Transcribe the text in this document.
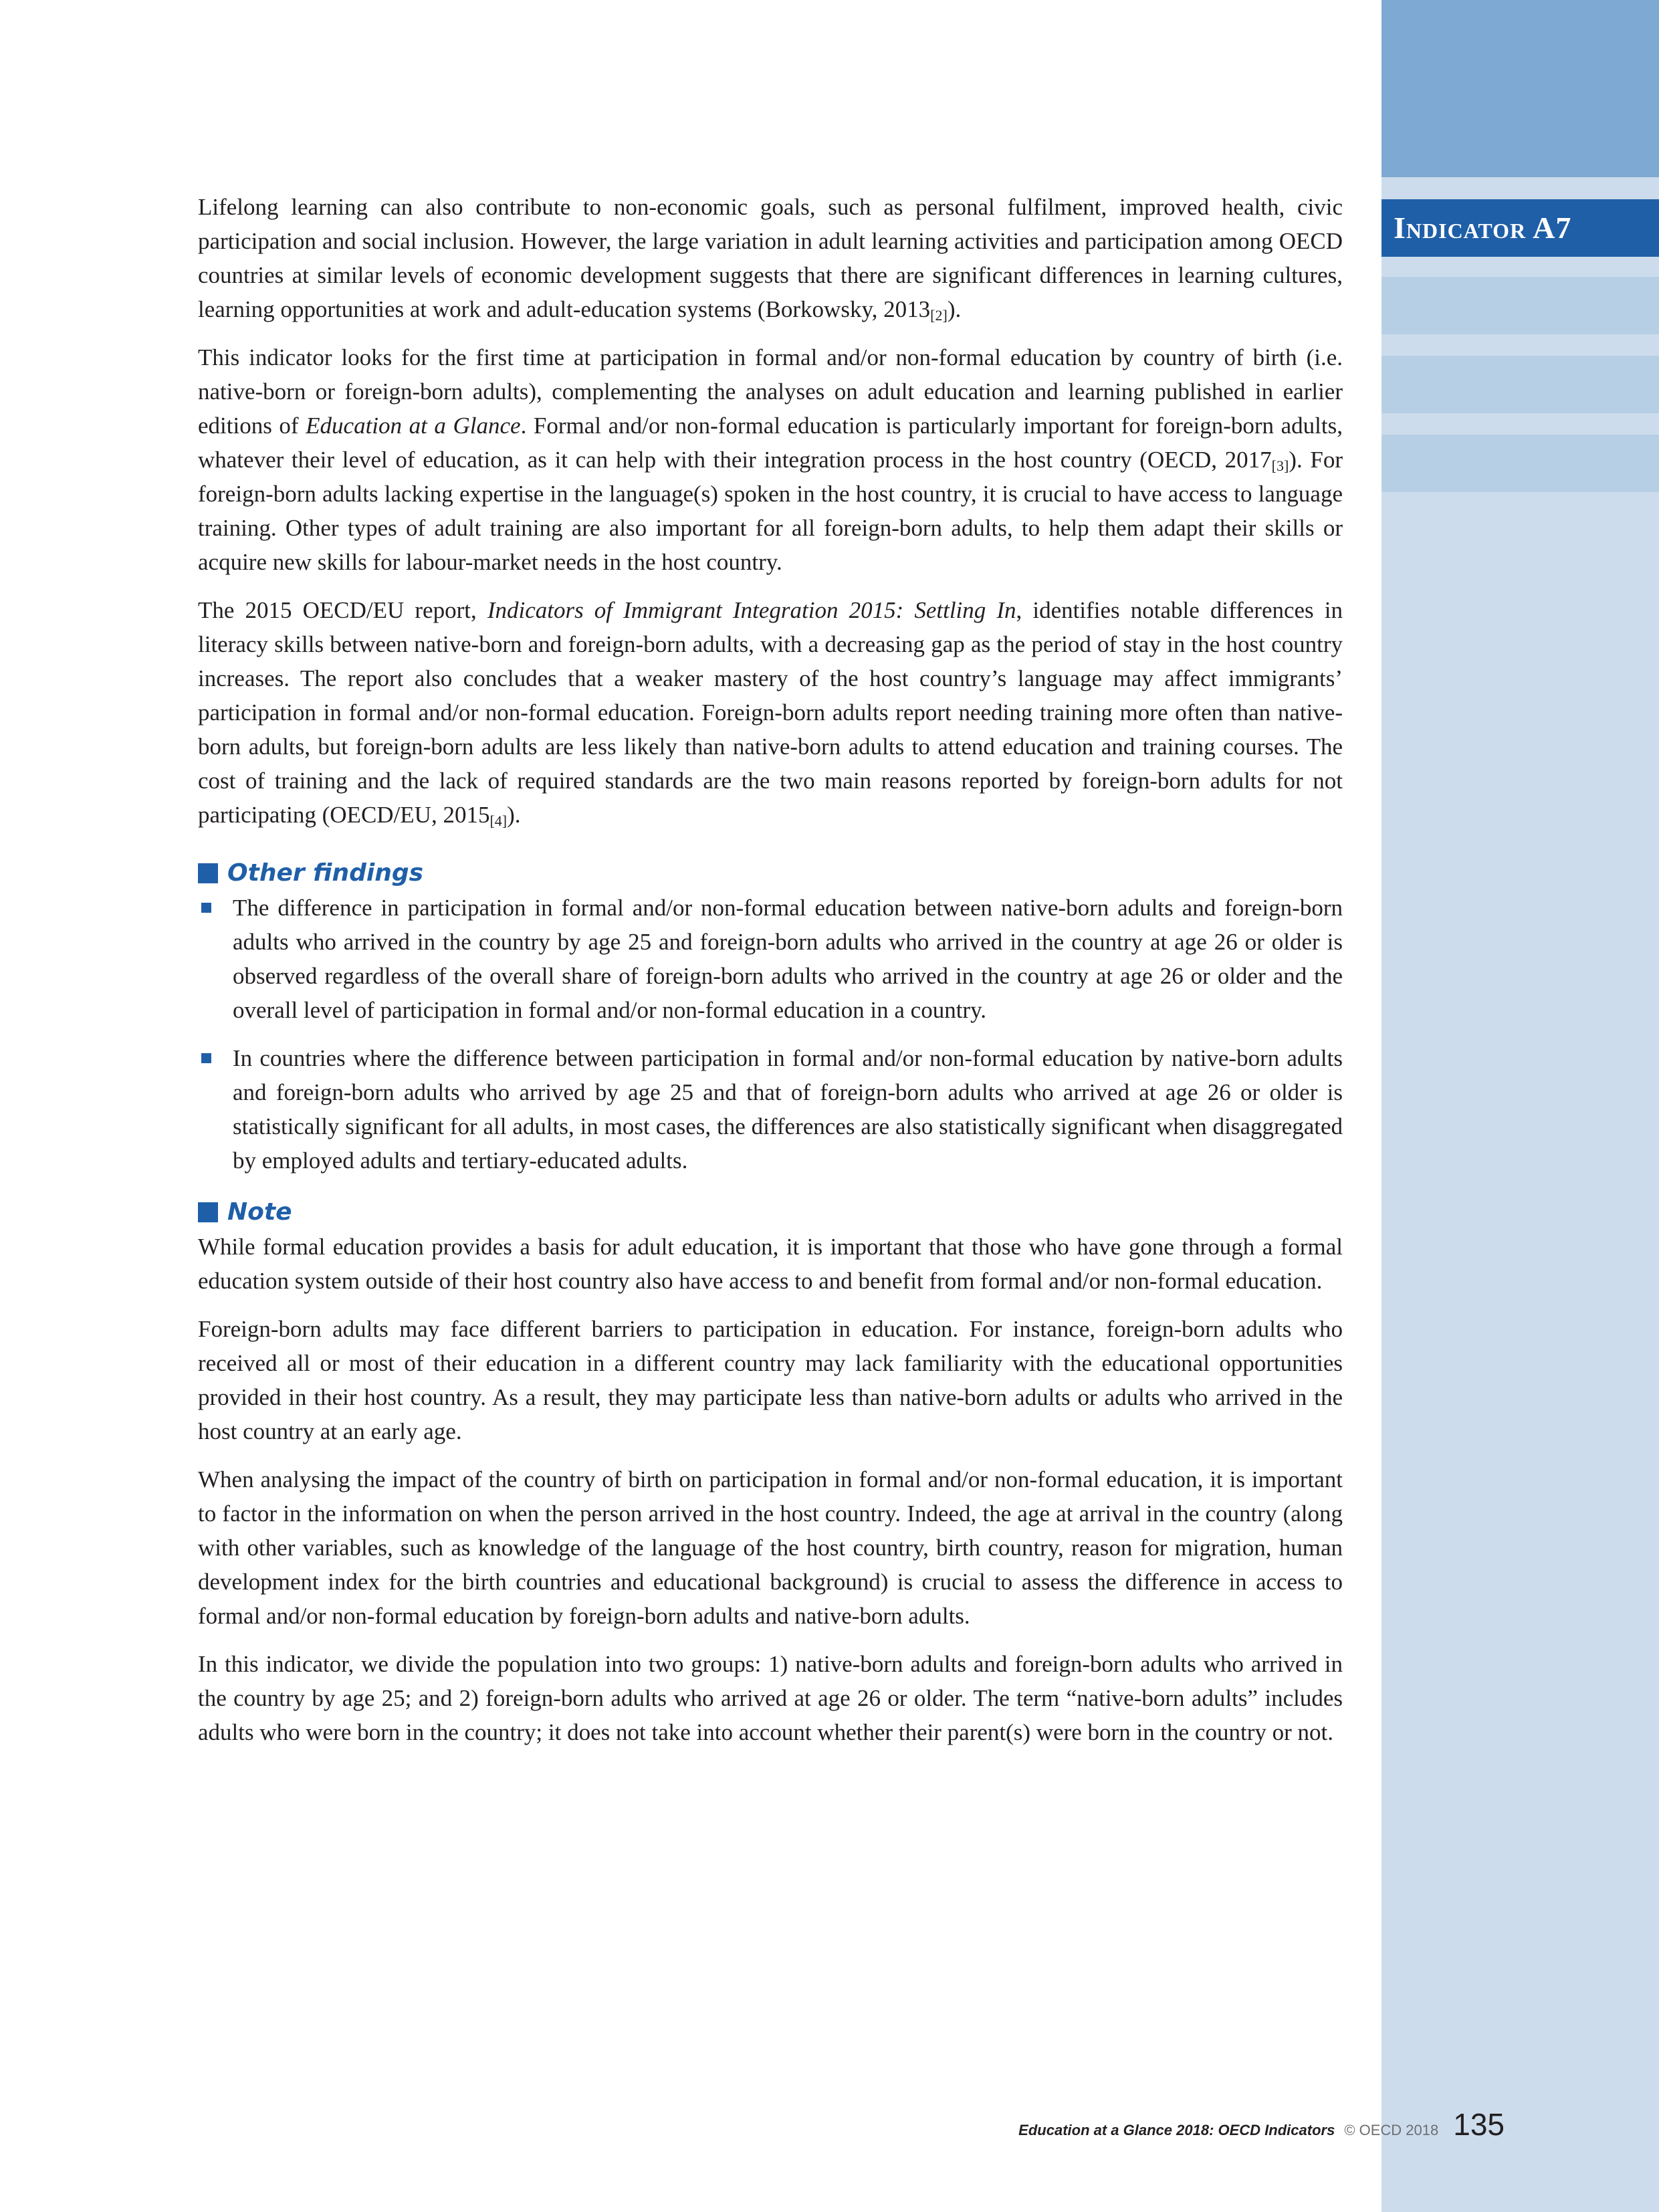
Indicator A7

Lifelong learning can also contribute to non-economic goals, such as personal fulfilment, improved health, civic participation and social inclusion. However, the large variation in adult learning activities and participation among OECD countries at similar levels of economic development suggests that there are significant differences in learning cultures, learning opportunities at work and adult-education systems (Borkowsky, 2013[2]).

This indicator looks for the first time at participation in formal and/or non-formal education by country of birth (i.e. native-born or foreign-born adults), complementing the analyses on adult education and learning published in earlier editions of Education at a Glance. Formal and/or non-formal education is particularly important for foreign-born adults, whatever their level of education, as it can help with their integration process in the host country (OECD, 2017[3]). For foreign-born adults lacking expertise in the language(s) spoken in the host country, it is crucial to have access to language training. Other types of adult training are also important for all foreign-born adults, to help them adapt their skills or acquire new skills for labour-market needs in the host country.

The 2015 OECD/EU report, Indicators of Immigrant Integration 2015: Settling In, identifies notable differences in literacy skills between native-born and foreign-born adults, with a decreasing gap as the period of stay in the host country increases. The report also concludes that a weaker mastery of the host country’s language may affect immigrants’ participation in formal and/or non-formal education. Foreign-born adults report needing training more often than native-born adults, but foreign-born adults are less likely than native-born adults to attend education and training courses. The cost of training and the lack of required standards are the two main reasons reported by foreign-born adults for not participating (OECD/EU, 2015[4]).

Other findings
The difference in participation in formal and/or non-formal education between native-born adults and foreign-born adults who arrived in the country by age 25 and foreign-born adults who arrived in the country at age 26 or older is observed regardless of the overall share of foreign-born adults who arrived in the country at age 26 or older and the overall level of participation in formal and/or non-formal education in a country.
In countries where the difference between participation in formal and/or non-formal education by native-born adults and foreign-born adults who arrived by age 25 and that of foreign-born adults who arrived at age 26 or older is statistically significant for all adults, in most cases, the differences are also statistically significant when disaggregated by employed adults and tertiary-educated adults.
Note

While formal education provides a basis for adult education, it is important that those who have gone through a formal education system outside of their host country also have access to and benefit from formal and/or non-formal education.

Foreign-born adults may face different barriers to participation in education. For instance, foreign-born adults who received all or most of their education in a different country may lack familiarity with the educational opportunities provided in their host country. As a result, they may participate less than native-born adults or adults who arrived in the host country at an early age.

When analysing the impact of the country of birth on participation in formal and/or non-formal education, it is important to factor in the information on when the person arrived in the host country. Indeed, the age at arrival in the country (along with other variables, such as knowledge of the language of the host country, birth country, reason for migration, human development index for the birth countries and educational background) is crucial to assess the difference in access to formal and/or non-formal education by foreign-born adults and native-born adults.

In this indicator, we divide the population into two groups: 1) native-born adults and foreign-born adults who arrived in the country by age 25; and 2) foreign-born adults who arrived at age 26 or older. The term “native-born adults” includes adults who were born in the country; it does not take into account whether their parent(s) were born in the country or not.

Education at a Glance 2018: OECD Indicators © OECD 2018 135
